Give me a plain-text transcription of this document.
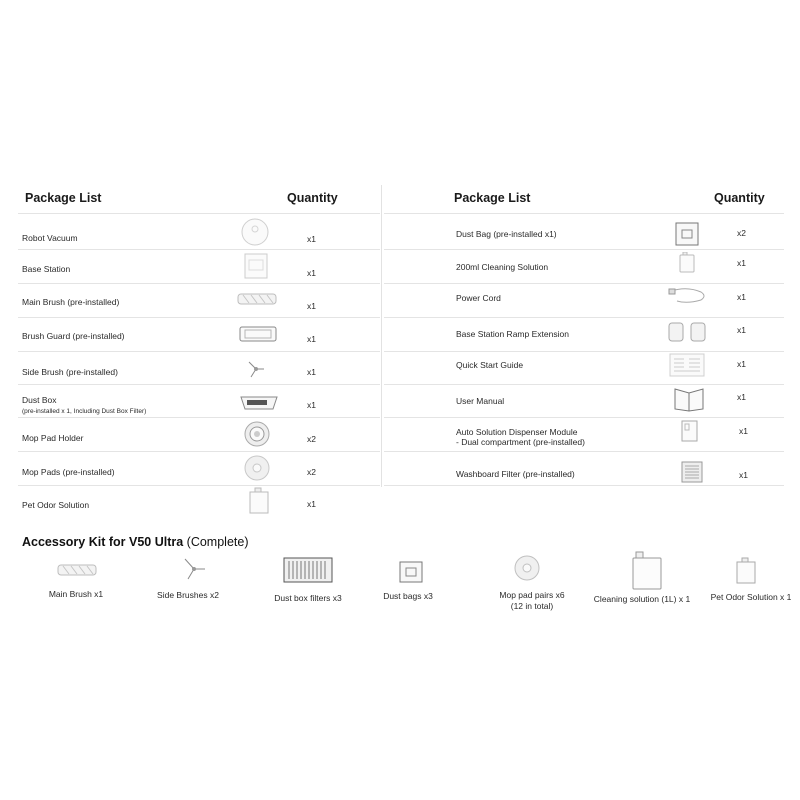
Package List	Quantity	Package List	Quantity
Robot Vacuum	x1
Base Station	x1
Main Brush (pre-installed)	x1
Brush Guard (pre-installed)	x1
Side Brush (pre-installed)	x1
Dust Box
(pre-installed x 1, Including Dust Box Filter)
x1
Mop Pad Holder	x2
Mop Pads (pre-installed)	x2
Pet Odor Solution	x1
Dust Bag (pre-installed x1)	x2
200ml Cleaning Solution	x1
Power Cord	x1
Base Station Ramp Extension	x1
Quick Start Guide	x1
User Manual	x1
Auto Solution Dispenser Module
- Dual compartment (pre-installed)
x1
Washboard Filter (pre-installed)	x1
Accessory Kit for V50 Ultra (Complete)
Main Brush x1	Side Brushes x2	Dust box filters x3	Dust bags x3	Mop pad pairs x6
(12 in total)
Cleaning solution (1L) x 1	Pet Odor Solution x 1
